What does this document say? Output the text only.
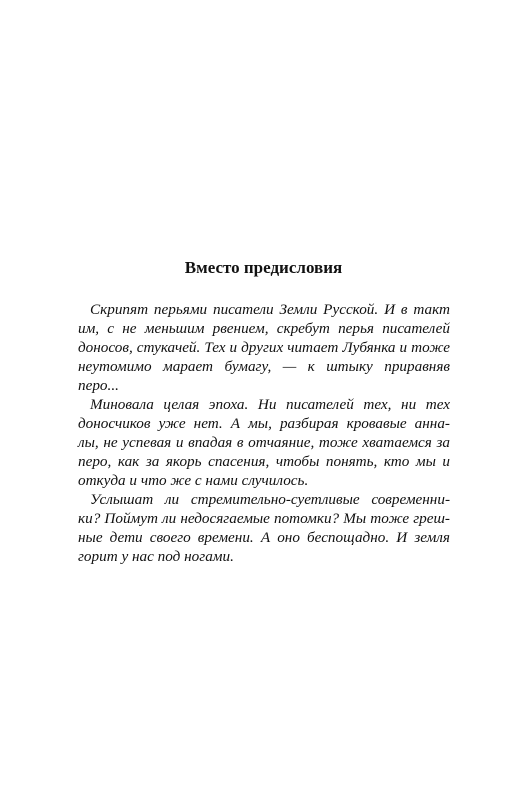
Вместо предисловия
Скрипят перьями писатели Земли Русской. И в такт
им, с не меньшим рвением, скребут перья писателей
доносов, стукачей. Тех и других читает Лубянка и тоже
неутомимо марает бумагу, — к штыку приравняв
перо...
Миновала целая эпоха. Ни писателей тех, ни тех
доносчиков уже нет. А мы, разбирая кровавые анна-
лы, не успевая и впадая в отчаяние, тоже хватаемся за
перо, как за якорь спасения, чтобы понять, кто мы и
откуда и что же с нами случилось.
Услышат ли стремительно-суетливые современни-
ки? Поймут ли недосягаемые потомки? Мы тоже греш-
ные дети своего времени. А оно беспощадно. И земля
горит у нас под ногами.
